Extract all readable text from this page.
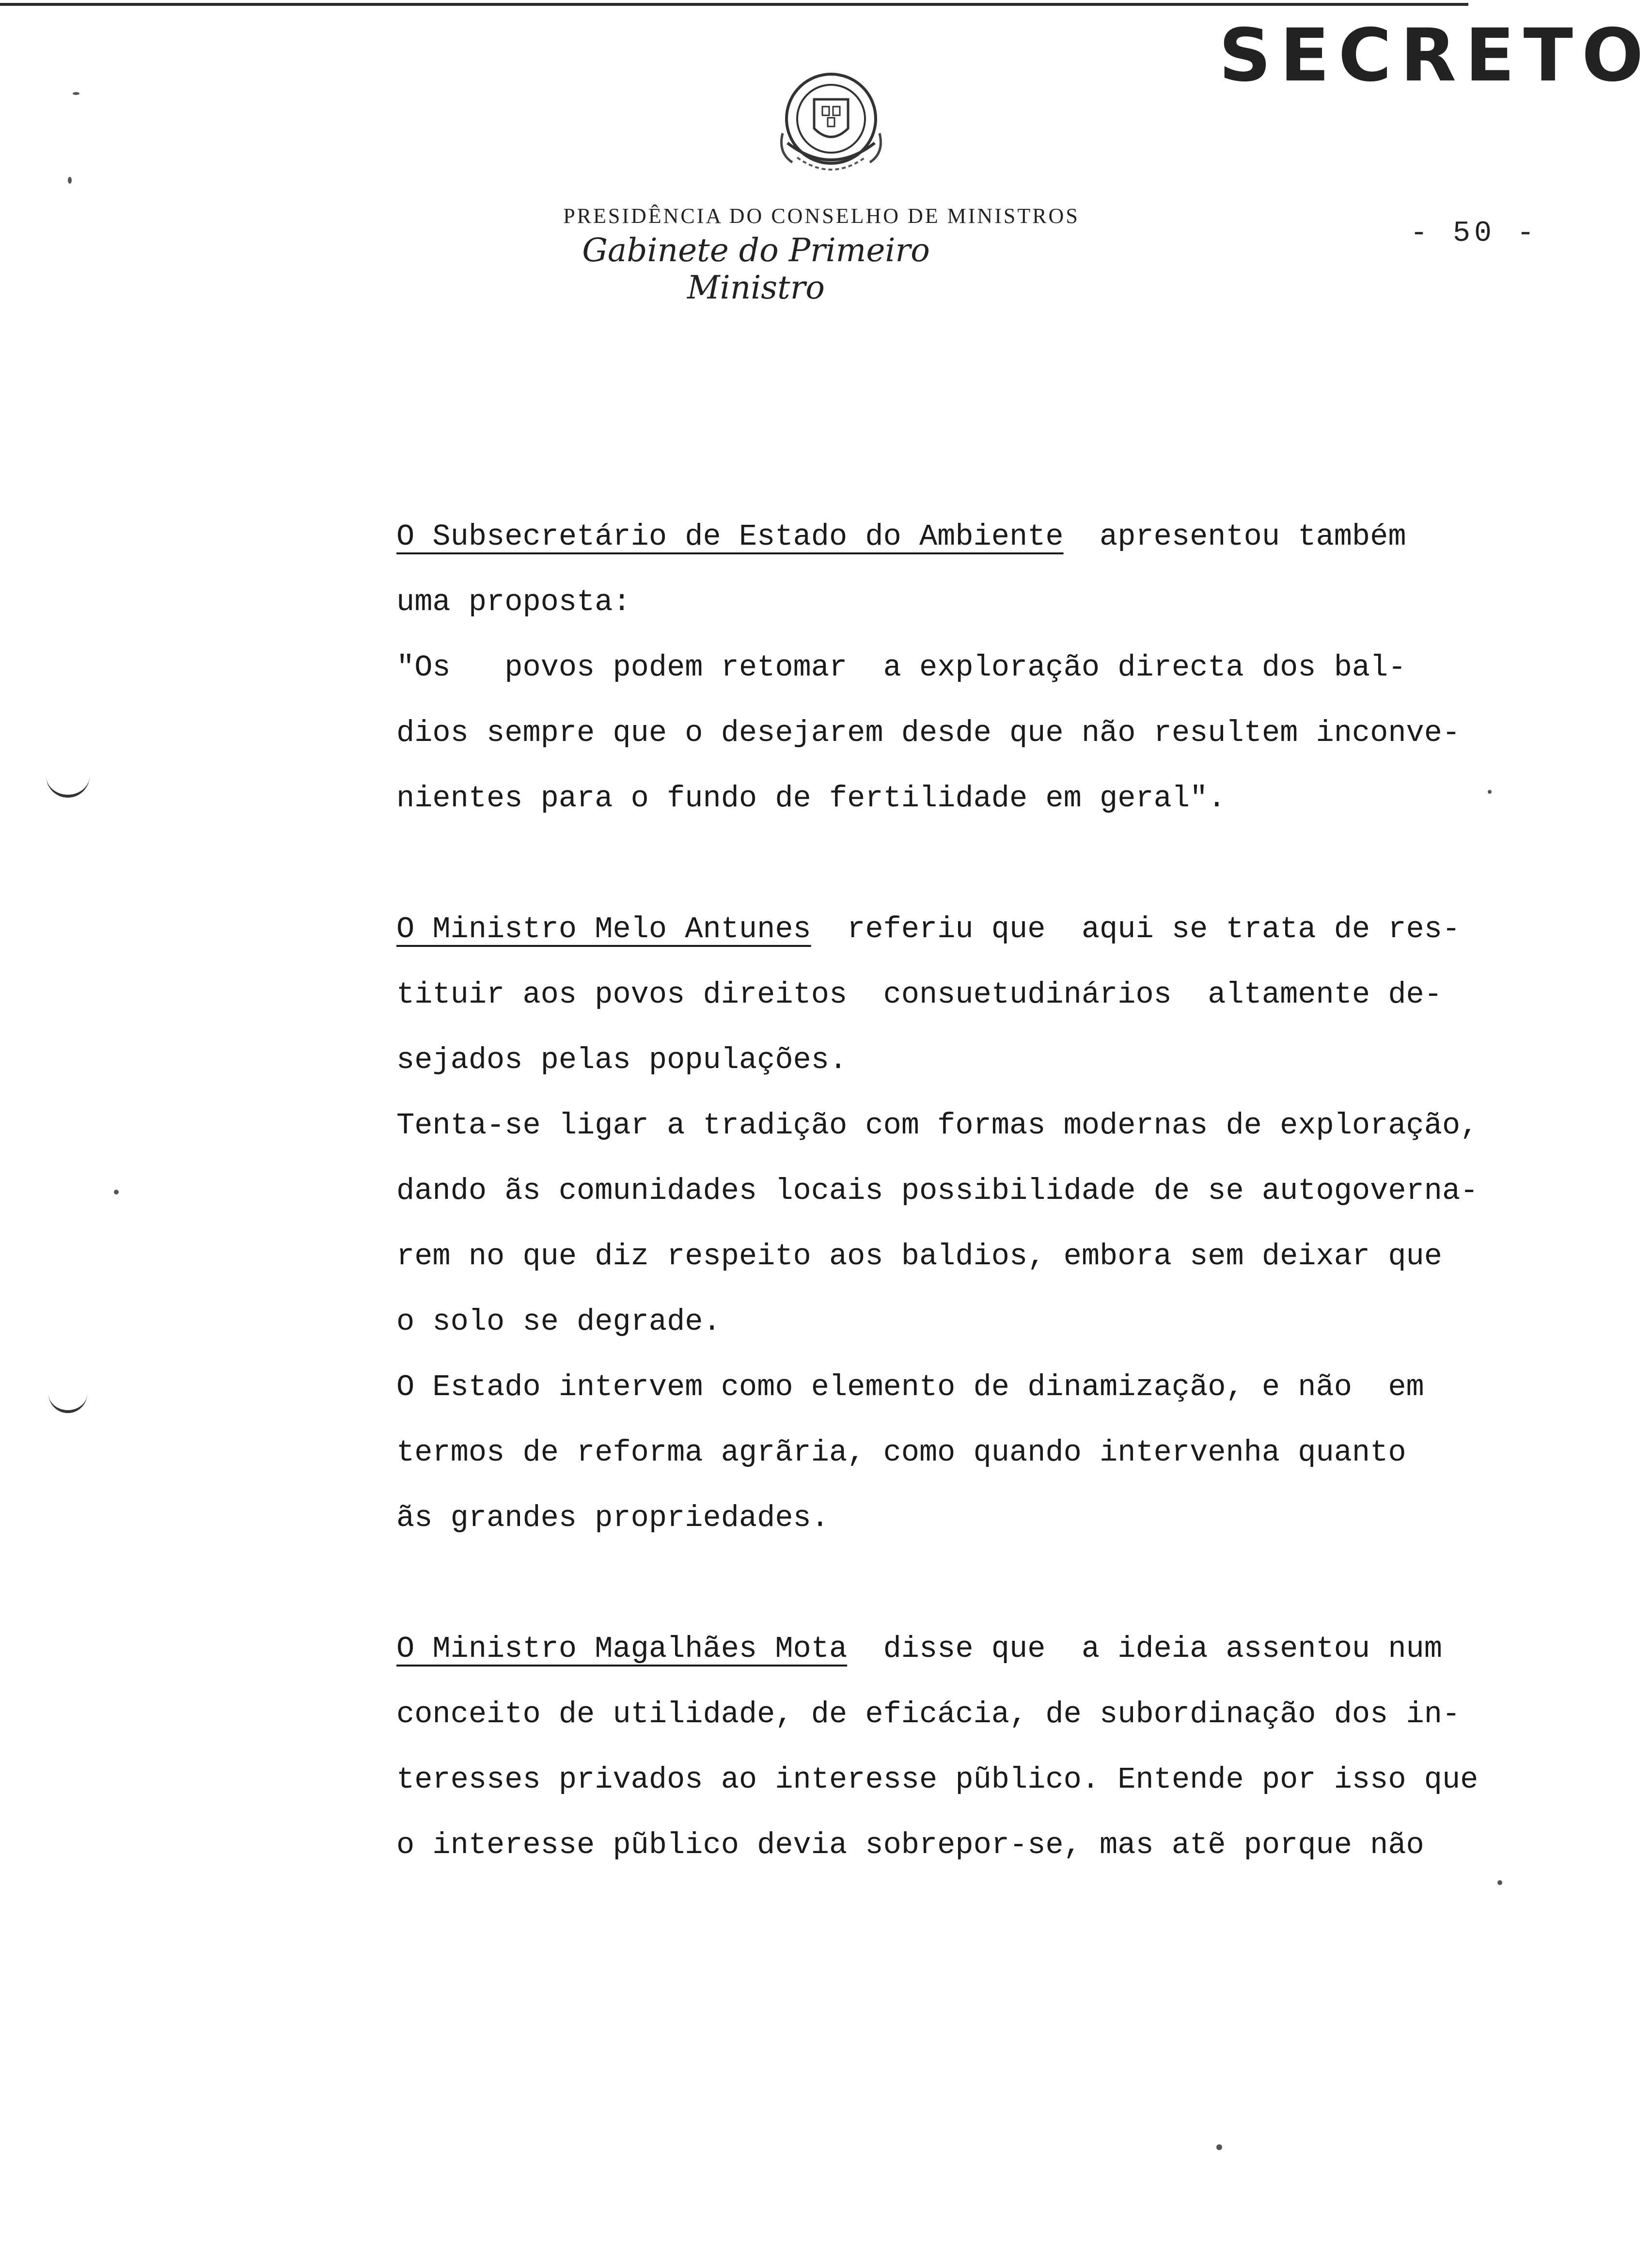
SECRETO
PRESIDÊNCIA DO CONSELHO DE MINISTROS
Gabinete do Primeiro Ministro
- 50 -
O Subsecretário de Estado do Ambiente  apresentou também
uma proposta:
"Os   povos podem retomar  a exploração directa dos bal-
dios sempre que o desejarem desde que não resultem inconve-
nientes para o fundo de fertilidade em geral".
O Ministro Melo Antunes  referiu que  aqui se trata de res-
tituir aos povos direitos  consuetudinários  altamente de-
sejados pelas populações.
Tenta-se ligar a tradição com formas modernas de exploração,
dando ãs comunidades locais possibilidade de se autogoverna-
rem no que diz respeito aos baldios, embora sem deixar que
o solo se degrade.
O Estado intervem como elemento de dinamização, e não  em
termos de reforma agrãria, como quando intervenha quanto
ãs grandes propriedades.
O Ministro Magalhães Mota  disse que  a ideia assentou num
conceito de utilidade, de eficácia, de subordinação dos in-
teresses privados ao interesse pũblico. Entende por isso que
o interesse pũblico devia sobrepor-se, mas atẽ porque não
